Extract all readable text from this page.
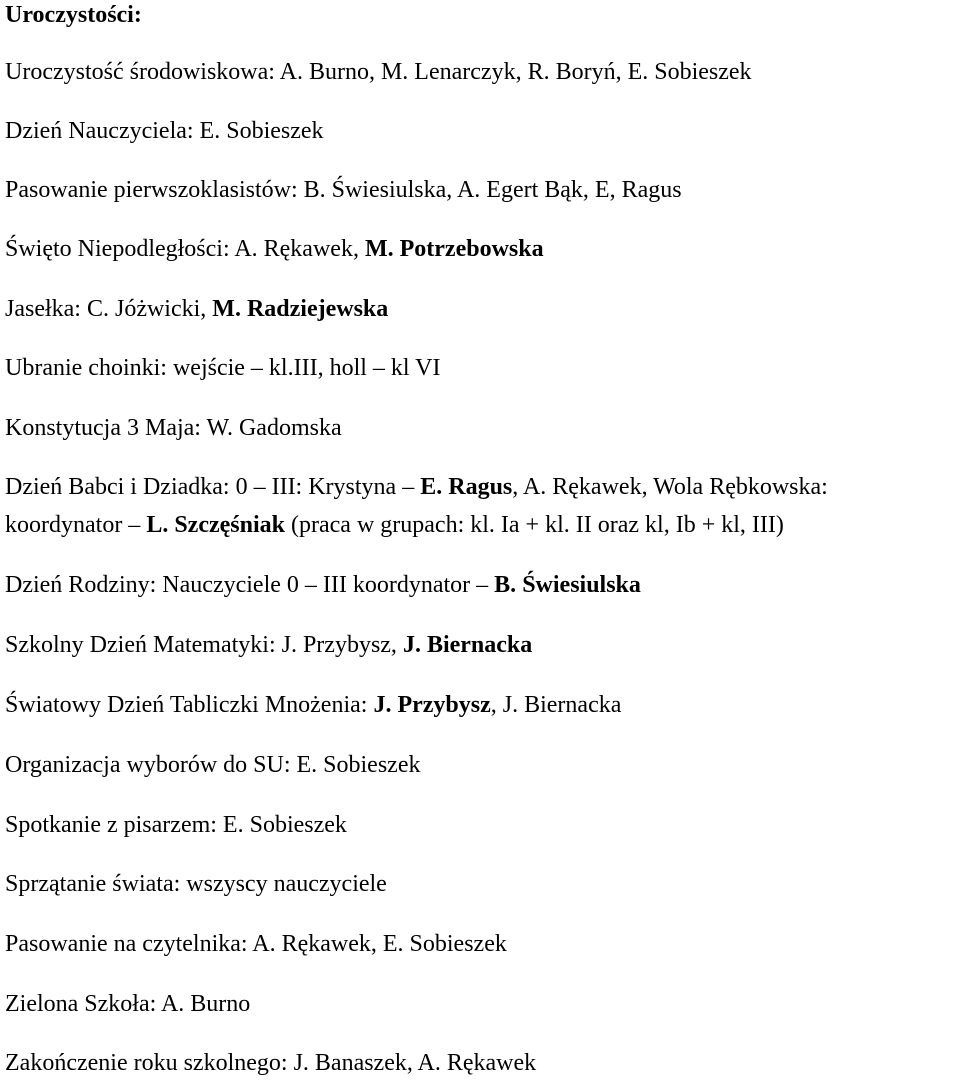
Uroczystości:
Uroczystość środowiskowa: A. Burno, M. Lenarczyk, R. Boryń, E. Sobieszek
Dzień Nauczyciela: E. Sobieszek
Pasowanie pierwszoklasistów: B. Świesiulska, A. Egert Bąk, E, Ragus
Święto Niepodległości: A. Rękawek, M. Potrzebowska
Jasełka: C. Jóżwicki, M. Radziejewska
Ubranie choinki: wejście – kl.III, holl – kl VI
Konstytucja 3 Maja: W. Gadomska
Dzień Babci i Dziadka: 0 – III: Krystyna – E. Ragus, A. Rękawek, Wola Rębkowska:
koordynator – L. Szczęśniak (praca w grupach: kl. Ia + kl. II oraz kl, Ib + kl, III)
Dzień Rodziny: Nauczyciele 0 – III koordynator – B. Świesiulska
Szkolny Dzień Matematyki: J. Przybysz, J. Biernacka
Światowy Dzień Tabliczki Mnożenia: J. Przybysz, J. Biernacka
Organizacja wyborów do SU: E. Sobieszek
Spotkanie z pisarzem: E. Sobieszek
Sprzątanie świata: wszyscy nauczyciele
Pasowanie na czytelnika: A. Rękawek, E. Sobieszek
Zielona Szkoła: A. Burno
Zakończenie roku szkolnego: J. Banaszek, A. Rękawek
